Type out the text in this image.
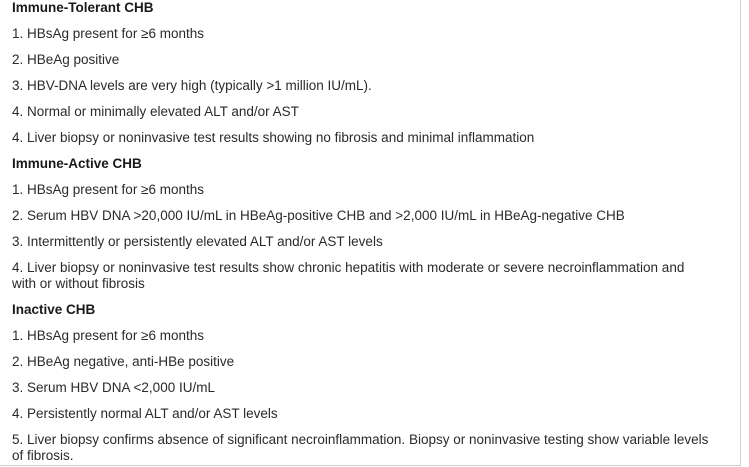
Immune-Tolerant CHB
1. HBsAg present for ≥6 months
2. HBeAg positive
3. HBV-DNA levels are very high (typically >1 million IU/mL).
4. Normal or minimally elevated ALT and/or AST
4. Liver biopsy or noninvasive test results showing no fibrosis and minimal inflammation
Immune-Active CHB
1. HBsAg present for ≥6 months
2. Serum HBV DNA >20,000 IU/mL in HBeAg-positive CHB and >2,000 IU/mL in HBeAg-negative CHB
3. Intermittently or persistently elevated ALT and/or AST levels
4. Liver biopsy or noninvasive test results show chronic hepatitis with moderate or severe necroinflammation and with or without fibrosis
Inactive CHB
1. HBsAg present for ≥6 months
2. HBeAg negative, anti-HBe positive
3. Serum HBV DNA <2,000 IU/mL
4. Persistently normal ALT and/or AST levels
5. Liver biopsy confirms absence of significant necroinflammation. Biopsy or noninvasive testing show variable levels of fibrosis.
